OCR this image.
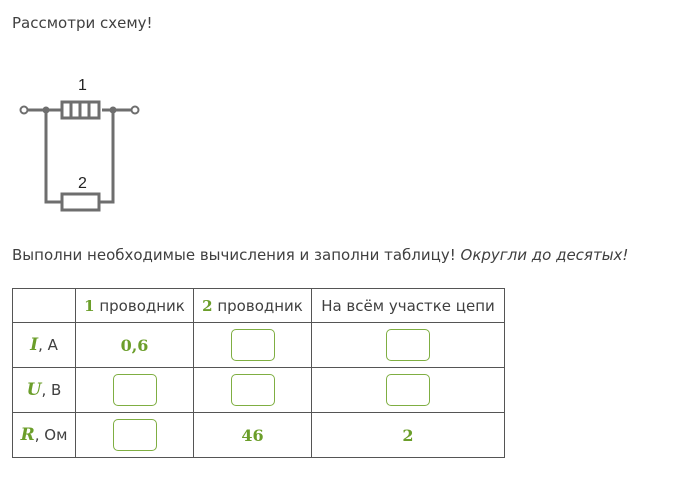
Рассмотри схему!
1
2
Выполни необходимые вычисления и заполни таблицу! Округли до десятых!
	1 проводник	2 проводник	На всём участке цепи
I, А	0,6		
U, В			
R, Ом		46	2
